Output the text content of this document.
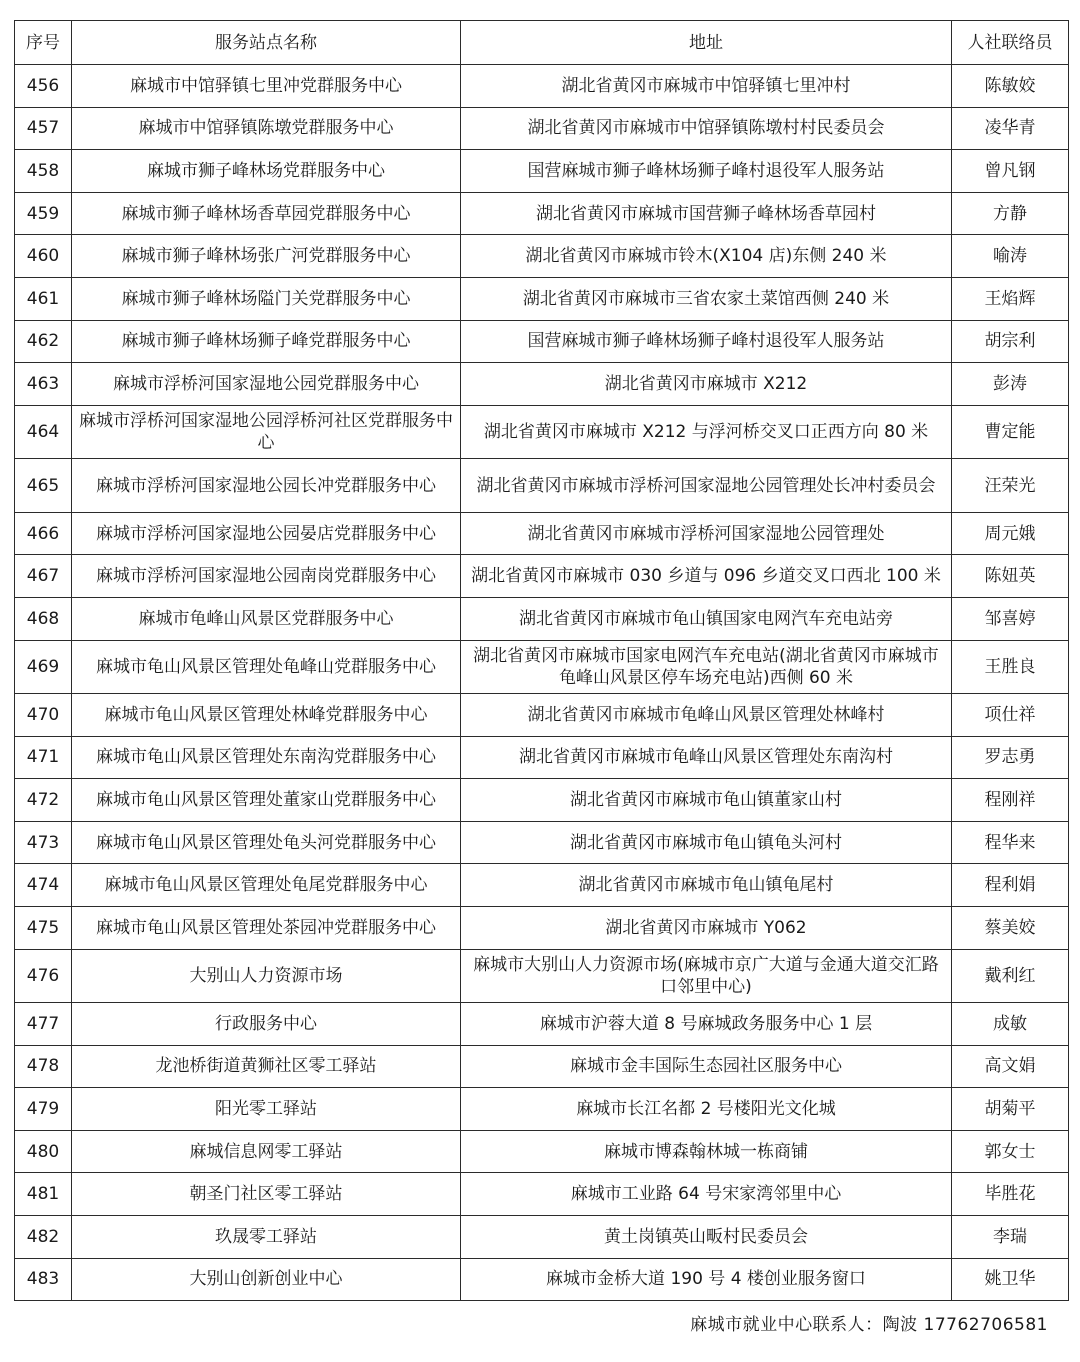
序号	服务站点名称	地址	人社联络员
456	麻城市中馆驿镇七里冲党群服务中心	湖北省黄冈市麻城市中馆驿镇七里冲村	陈敏姣
457	麻城市中馆驿镇陈墩党群服务中心	湖北省黄冈市麻城市中馆驿镇陈墩村村民委员会	凌华青
458	麻城市狮子峰林场党群服务中心	国营麻城市狮子峰林场狮子峰村退役军人服务站	曾凡钢
459	麻城市狮子峰林场香草园党群服务中心	湖北省黄冈市麻城市国营狮子峰林场香草园村	方静
460	麻城市狮子峰林场张广河党群服务中心	湖北省黄冈市麻城市铃木(X104 店)东侧 240 米	喻涛
461	麻城市狮子峰林场隘门关党群服务中心	湖北省黄冈市麻城市三省农家土菜馆西侧 240 米	王焰辉
462	麻城市狮子峰林场狮子峰党群服务中心	国营麻城市狮子峰林场狮子峰村退役军人服务站	胡宗利
463	麻城市浮桥河国家湿地公园党群服务中心	湖北省黄冈市麻城市 X212	彭涛
464	麻城市浮桥河国家湿地公园浮桥河社区党群服务中心	湖北省黄冈市麻城市 X212 与浮河桥交叉口正西方向 80 米	曹定能
465	麻城市浮桥河国家湿地公园长冲党群服务中心	湖北省黄冈市麻城市浮桥河国家湿地公园管理处长冲村委员会	汪荣光
466	麻城市浮桥河国家湿地公园晏店党群服务中心	湖北省黄冈市麻城市浮桥河国家湿地公园管理处	周元娥
467	麻城市浮桥河国家湿地公园南岗党群服务中心	湖北省黄冈市麻城市 030 乡道与 096 乡道交叉口西北 100 米	陈妞英
468	麻城市龟峰山风景区党群服务中心	湖北省黄冈市麻城市龟山镇国家电网汽车充电站旁	邹喜婷
469	麻城市龟山风景区管理处龟峰山党群服务中心	湖北省黄冈市麻城市国家电网汽车充电站(湖北省黄冈市麻城市龟峰山风景区停车场充电站)西侧 60 米	王胜良
470	麻城市龟山风景区管理处林峰党群服务中心	湖北省黄冈市麻城市龟峰山风景区管理处林峰村	项仕祥
471	麻城市龟山风景区管理处东南沟党群服务中心	湖北省黄冈市麻城市龟峰山风景区管理处东南沟村	罗志勇
472	麻城市龟山风景区管理处董家山党群服务中心	湖北省黄冈市麻城市龟山镇董家山村	程刚祥
473	麻城市龟山风景区管理处龟头河党群服务中心	湖北省黄冈市麻城市龟山镇龟头河村	程华来
474	麻城市龟山风景区管理处龟尾党群服务中心	湖北省黄冈市麻城市龟山镇龟尾村	程利娟
475	麻城市龟山风景区管理处茶园冲党群服务中心	湖北省黄冈市麻城市 Y062	蔡美姣
476	大别山人力资源市场	麻城市大别山人力资源市场(麻城市京广大道与金通大道交汇路口邻里中心)	戴利红
477	行政服务中心	麻城市沪蓉大道 8 号麻城政务服务中心 1 层	成敏
478	龙池桥街道黄狮社区零工驿站	麻城市金丰国际生态园社区服务中心	高文娟
479	阳光零工驿站	麻城市长江名都 2 号楼阳光文化城	胡菊平
480	麻城信息网零工驿站	麻城市博森翰林城一栋商铺	郭女士
481	朝圣门社区零工驿站	麻城市工业路 64 号宋家湾邻里中心	毕胜花
482	玖晟零工驿站	黄土岗镇英山畈村民委员会	李瑞
483	大别山创新创业中心	麻城市金桥大道 190 号 4 楼创业服务窗口	姚卫华
麻城市就业中心联系人：陶波 17762706581
